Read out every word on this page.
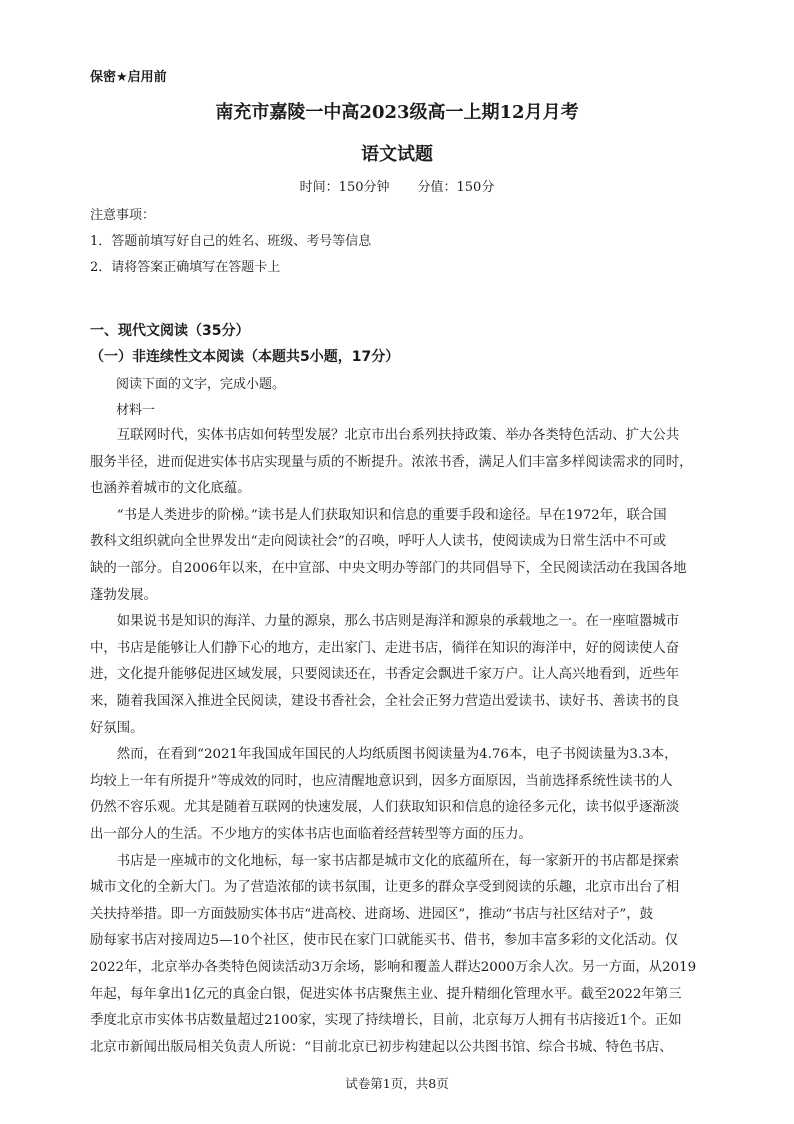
保密★启用前
南充市嘉陵一中高2023级高一上期12月月考
语文试题
时间：150分钟 分值：150分
注意事项：
1．答题前填写好自己的姓名、班级、考号等信息
2．请将答案正确填写在答题卡上
一、现代文阅读（35分）
（一）非连续性文本阅读（本题共5小题，17分）
阅读下面的文字，完成小题。
材料一
　　互联网时代，实体书店如何转型发展？北京市出台系列扶持政策、举办各类特色活动、扩大公共
服务半径，进而促进实体书店实现量与质的不断提升。浓浓书香，满足人们丰富多样阅读需求的同时，
也涵养着城市的文化底蕴。
　　“书是人类进步的阶梯。”读书是人们获取知识和信息的重要手段和途径。早在1972年，联合国
教科文组织就向全世界发出“走向阅读社会”的召唤，呼吁人人读书，使阅读成为日常生活中不可或
缺的一部分。自2006年以来，在中宣部、中央文明办等部门的共同倡导下，全民阅读活动在我国各地
蓬勃发展。
　　如果说书是知识的海洋、力量的源泉，那么书店则是海洋和源泉的承载地之一。在一座喧嚣城市
中，书店是能够让人们静下心的地方，走出家门、走进书店，徜徉在知识的海洋中，好的阅读使人奋
进，文化提升能够促进区域发展，只要阅读还在，书香定会飘进千家万户。让人高兴地看到，近些年
来，随着我国深入推进全民阅读，建设书香社会，全社会正努力营造出爱读书、读好书、善读书的良
好氛围。
　　然而，在看到“2021年我国成年国民的人均纸质图书阅读量为4.76本，电子书阅读量为3.3本，
均较上一年有所提升”等成效的同时，也应清醒地意识到，因多方面原因，当前选择系统性读书的人
仍然不容乐观。尤其是随着互联网的快速发展，人们获取知识和信息的途径多元化，读书似乎逐渐淡
出一部分人的生活。不少地方的实体书店也面临着经营转型等方面的压力。
　　书店是一座城市的文化地标，每一家书店都是城市文化的底蕴所在，每一家新开的书店都是探索
城市文化的全新大门。为了营造浓郁的读书氛围，让更多的群众享受到阅读的乐趣，北京市出台了相
关扶持举措。即一方面鼓励实体书店“进高校、进商场、进园区”，推动“书店与社区结对子”，鼓
励每家书店对接周边5—10个社区，使市民在家门口就能买书、借书，参加丰富多彩的文化活动。仅
2022年，北京举办各类特色阅读活动3万余场，影响和覆盖人群达2000万余人次。另一方面，从2019
年起，每年拿出1亿元的真金白银，促进实体书店聚焦主业、提升精细化管理水平。截至2022年第三
季度北京市实体书店数量超过2100家，实现了持续增长，目前，北京每万人拥有书店接近1个。正如
北京市新闻出版局相关负责人所说：“目前北京已初步构建起以公共图书馆、综合书城、特色书店、
试卷第1页，共8页
